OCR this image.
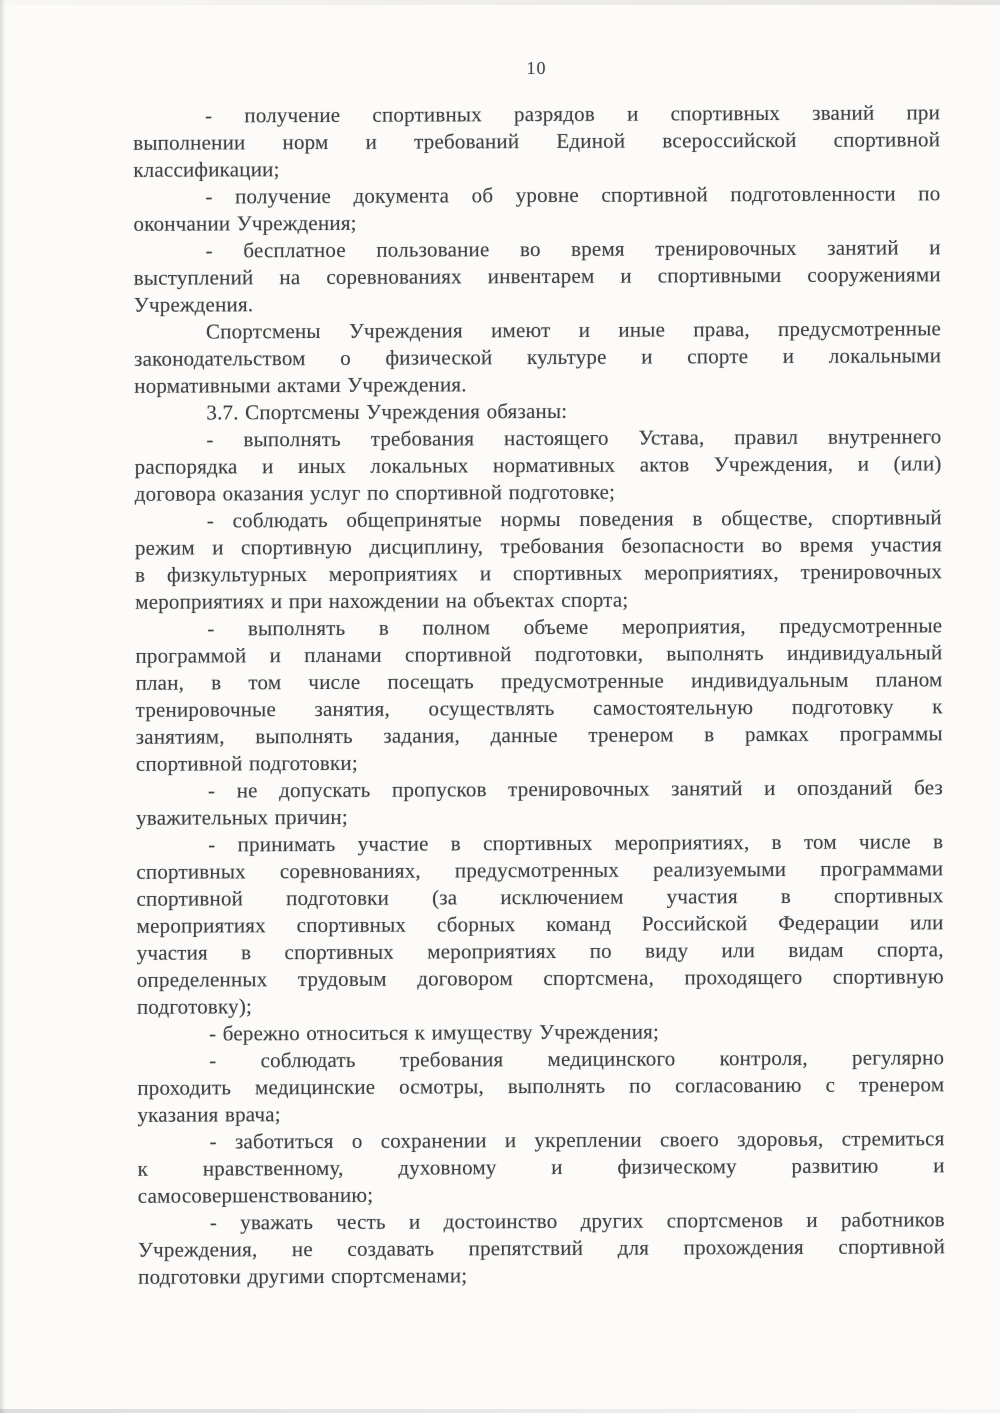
10

- получение спортивных разрядов и спортивных званий при
выполнении норм и требований Единой всероссийской спортивной
классификации;

- получение документа об уровне спортивной подготовленности по
окончании Учреждения;

- бесплатное пользование во время тренировочных занятий и
выступлений на соревнованиях инвентарем и спортивными сооружениями
Учреждения.

Спортсмены Учреждения имеют и иные права, предусмотренные
законодательством о физической культуре и спорте и локальными
нормативными актами Учреждения.

3.7. Спортсмены Учреждения обязаны:

- выполнять требования настоящего Устава, правил внутреннего
распорядка и иных локальных нормативных актов Учреждения, и (или)
договора оказания услуг по спортивной подготовке;

- соблюдать общепринятые нормы поведения в обществе, спортивный
режим и спортивную дисциплину, требования безопасности во время участия
в физкультурных мероприятиях и спортивных мероприятиях, тренировочных
мероприятиях и при нахождении на объектах спорта;

- выполнять в полном объеме мероприятия, предусмотренные
программой и планами спортивной подготовки, выполнять индивидуальный
план, в том числе посещать предусмотренные индивидуальным планом
тренировочные занятия, осуществлять самостоятельную подготовку к
занятиям, выполнять задания, данные тренером в рамках программы
спортивной подготовки;

- не допускать пропусков тренировочных занятий и опозданий без
уважительных причин;

- принимать участие в спортивных мероприятиях, в том числе в
спортивных соревнованиях, предусмотренных реализуемыми программами
спортивной подготовки (за исключением участия в спортивных
мероприятиях спортивных сборных команд Российской Федерации или
участия в спортивных мероприятиях по виду или видам спорта,
определенных трудовым договором спортсмена, проходящего спортивную
подготовку);

- бережно относиться к имуществу Учреждения;

- соблюдать требования медицинского контроля, регулярно
проходить медицинские осмотры, выполнять по согласованию с тренером
указания врача;

- заботиться о сохранении и укреплении своего здоровья, стремиться
к нравственному, духовному и физическому развитию и
самосовершенствованию;

- уважать честь и достоинство других спортсменов и работников
Учреждения, не создавать препятствий для прохождения спортивной
подготовки другими спортсменами;
